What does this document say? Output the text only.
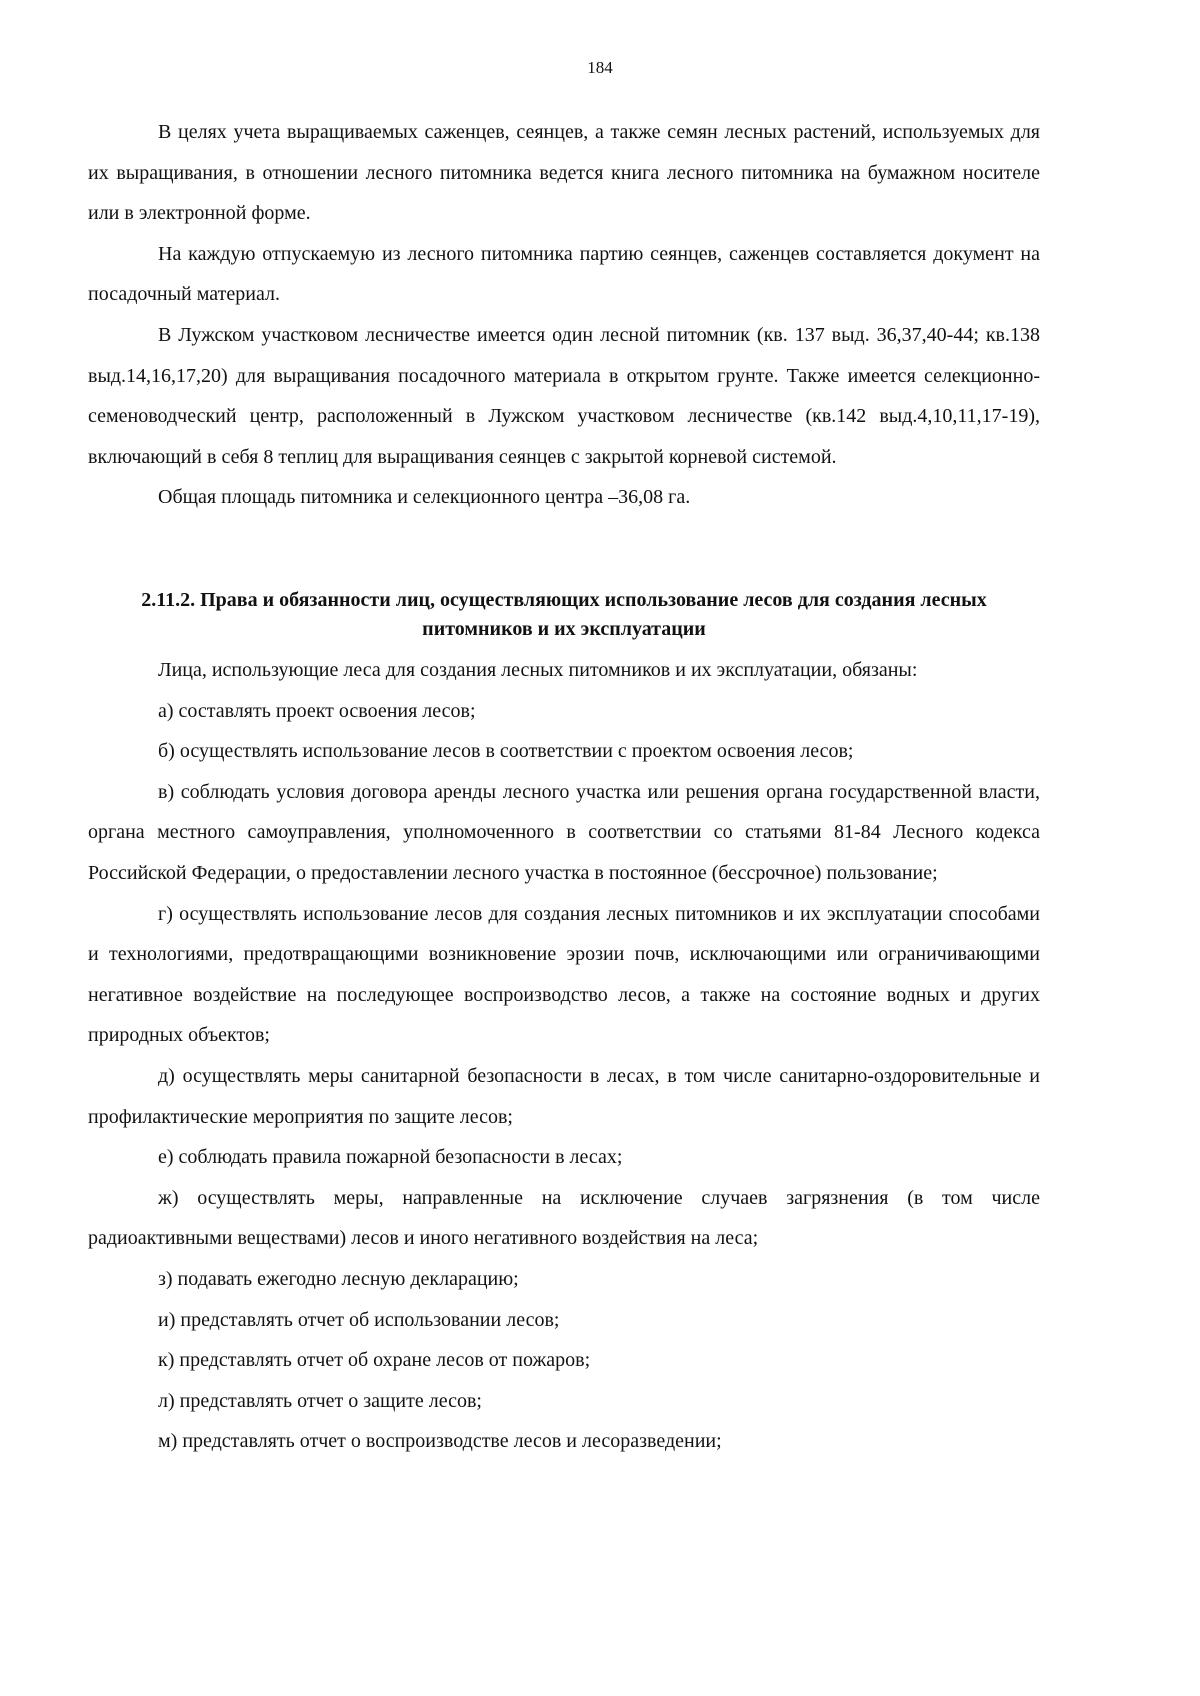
184

В целях учета выращиваемых саженцев, сеянцев, а также семян лесных растений, используемых для их выращивания, в отношении лесного питомника ведется книга лесного питомника на бумажном носителе или в электронной форме.

На каждую отпускаемую из лесного питомника партию сеянцев, саженцев составляется документ на посадочный материал.

В Лужском участковом лесничестве имеется один лесной питомник (кв. 137 выд. 36,37,40-44; кв.138 выд.14,16,17,20) для выращивания посадочного материала в открытом грунте. Также имеется селекционно-семеноводческий центр, расположенный в Лужском участковом лесничестве (кв.142 выд.4,10,11,17-19), включающий в себя 8 теплиц для выращивания сеянцев с закрытой корневой системой.

Общая площадь питомника и селекционного центра –36,08 га.

2.11.2. Права и обязанности лиц, осуществляющих использование лесов для создания лесных питомников и их эксплуатации

Лица, использующие леса для создания лесных питомников и их эксплуатации, обязаны:

а) составлять проект освоения лесов;

б) осуществлять использование лесов в соответствии с проектом освоения лесов;

в) соблюдать условия договора аренды лесного участка или решения органа государственной власти, органа местного самоуправления, уполномоченного в соответствии со статьями 81-84 Лесного кодекса Российской Федерации, о предоставлении лесного участка в постоянное (бессрочное) пользование;

г) осуществлять использование лесов для создания лесных питомников и их эксплуатации способами и технологиями, предотвращающими возникновение эрозии почв, исключающими или ограничивающими негативное воздействие на последующее воспроизводство лесов, а также на состояние водных и других природных объектов;

д) осуществлять меры санитарной безопасности в лесах, в том числе санитарно-оздоровительные и профилактические мероприятия по защите лесов;

е) соблюдать правила пожарной безопасности в лесах;

ж) осуществлять меры, направленные на исключение случаев загрязнения (в том числе радиоактивными веществами) лесов и иного негативного воздействия на леса;

з) подавать ежегодно лесную декларацию;

и) представлять отчет об использовании лесов;

к) представлять отчет об охране лесов от пожаров;

л) представлять отчет о защите лесов;

м) представлять отчет о воспроизводстве лесов и лесоразведении;
